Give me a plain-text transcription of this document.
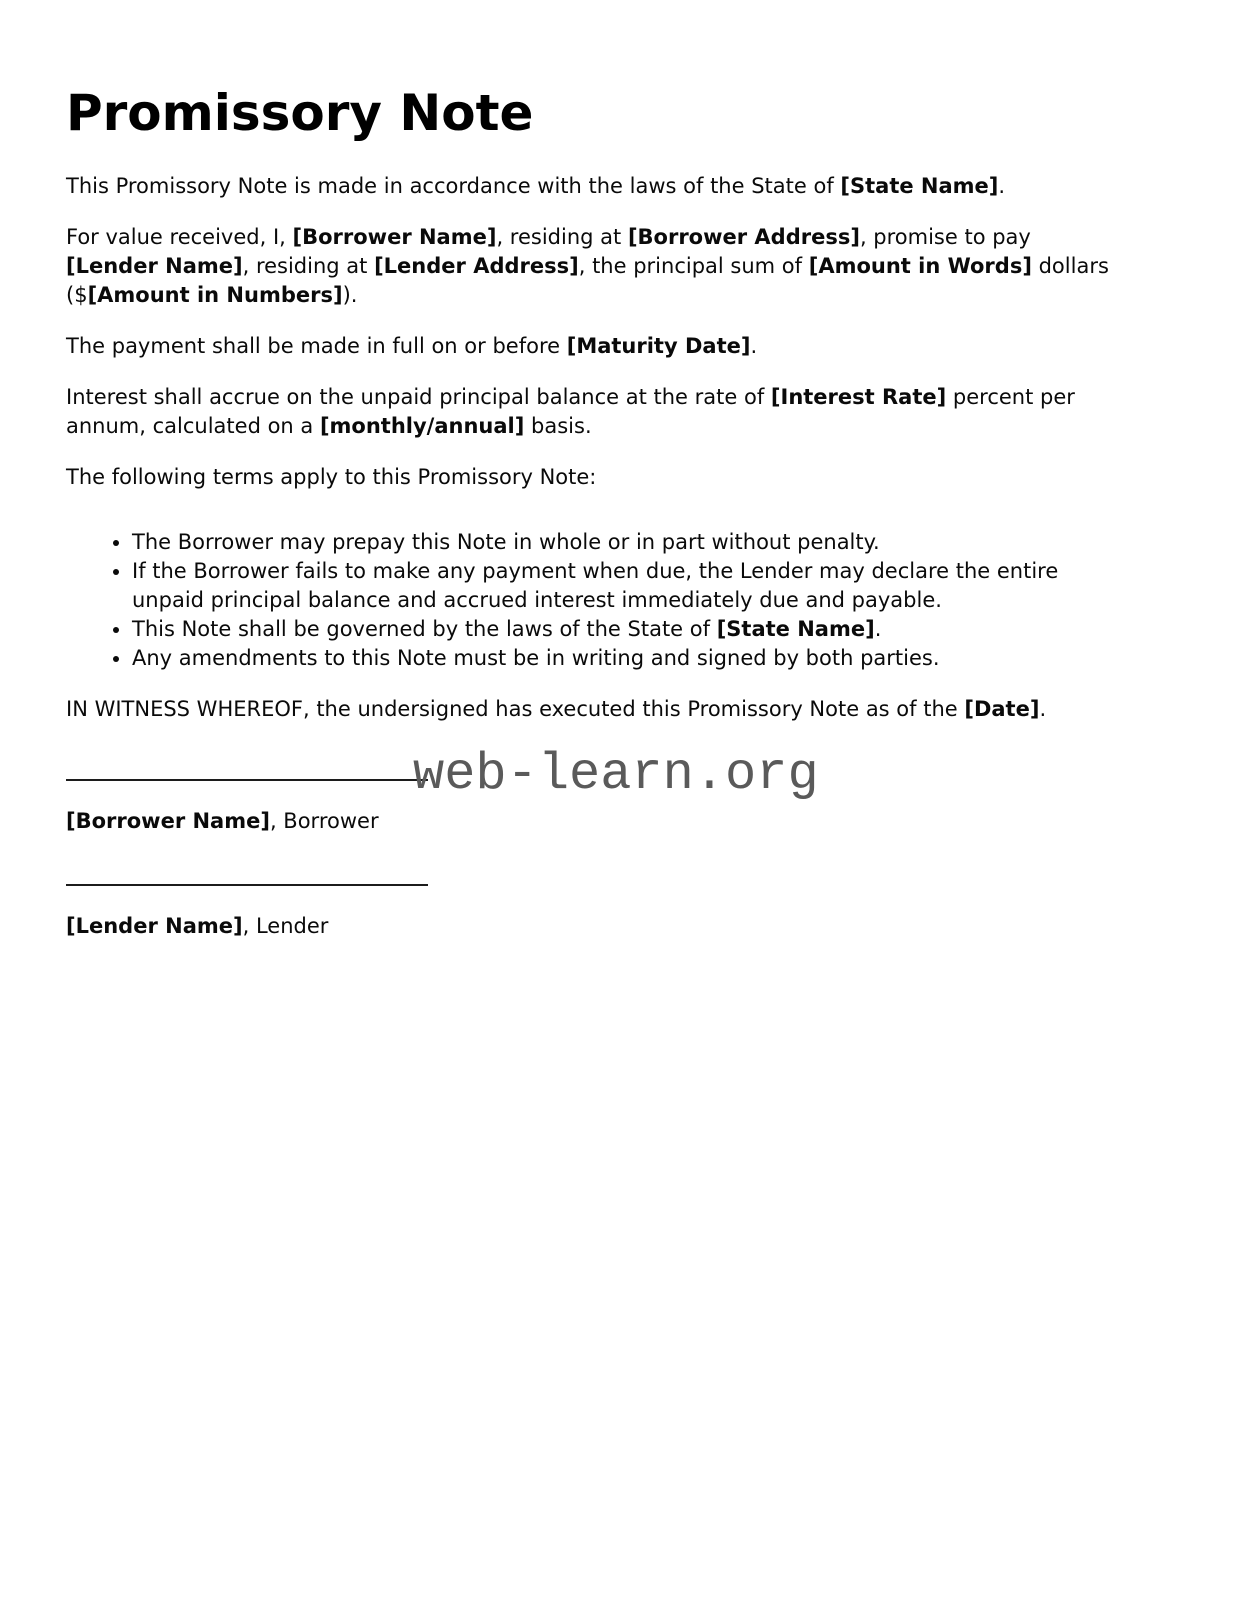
Promissory Note

This Promissory Note is made in accordance with the laws of the State of [State Name].

For value received, I, [Borrower Name], residing at [Borrower Address], promise to pay [Lender Name], residing at [Lender Address], the principal sum of [Amount in Words] dollars ($[Amount in Numbers]).

The payment shall be made in full on or before [Maturity Date].

Interest shall accrue on the unpaid principal balance at the rate of [Interest Rate] percent per annum, calculated on a [monthly/annual] basis.

The following terms apply to this Promissory Note:

• The Borrower may prepay this Note in whole or in part without penalty.
• If the Borrower fails to make any payment when due, the Lender may declare the entire unpaid principal balance and accrued interest immediately due and payable.
• This Note shall be governed by the laws of the State of [State Name].
• Any amendments to this Note must be in writing and signed by both parties.

IN WITNESS WHEREOF, the undersigned has executed this Promissory Note as of the [Date].

web-learn.org

[Borrower Name], Borrower

[Lender Name], Lender
